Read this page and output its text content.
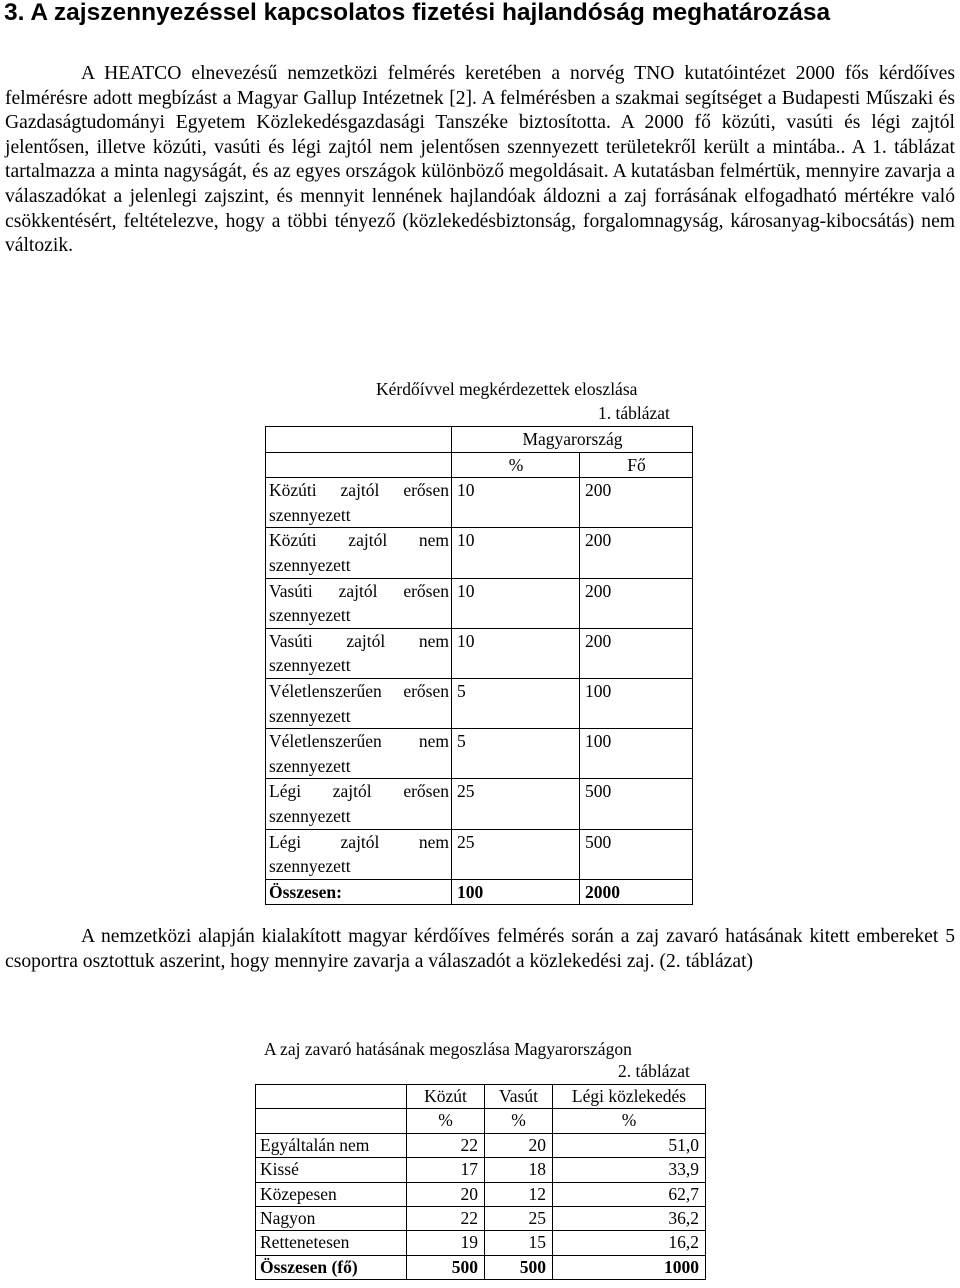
3. A zajszennyezéssel kapcsolatos fizetési hajlandóság meghatározása

A HEATCO elnevezésű nemzetközi felmérés keretében a norvég TNO kutatóintézet 2000 fős kérdőíves felmérésre adott megbízást a Magyar Gallup Intézetnek [2]. A felmérésben a szakmai segítséget a Budapesti Műszaki és Gazdaságtudományi Egyetem Közlekedésgazdasági Tanszéke biztosította. A 2000 fő közúti, vasúti és légi zajtól jelentősen, illetve közúti, vasúti és légi zajtól nem jelentősen szennyezett területekről került a mintába.. A 1. táblázat tartalmazza a minta nagyságát, és az egyes országok különböző megoldásait. A kutatásban felmértük, mennyire zavarja a válaszadókat a jelenlegi zajszint, és mennyit lennének hajlandóak áldozni a zaj forrásának elfogadható mértékre való csökkentésért, feltételezve, hogy a többi tényező (közlekedésbiztonság, forgalomnagyság, károsanyag-kibocsátás) nem változik.

Kérdőívvel megkérdezettek eloszlása
1. táblázat
	Magyarország	
	%	Fő
Közúti zajtól erősen szennyezett	10	200
Közúti zajtól nem szennyezett	10	200
Vasúti zajtól erősen szennyezett	10	200
Vasúti zajtól nem szennyezett	10	200
Véletlenszerűen erősen szennyezett	5	100
Véletlenszerűen nem szennyezett	5	100
Légi zajtól erősen szennyezett	25	500
Légi zajtól nem szennyezett	25	500
Összesen:	100	2000

A nemzetközi alapján kialakított magyar kérdőíves felmérés során a zaj zavaró hatásának kitett embereket 5 csoportra osztottuk aszerint, hogy mennyire zavarja a válaszadót a közlekedési zaj. (2. táblázat)

A zaj zavaró hatásának megoszlása Magyarországon
2. táblázat
	Közút	Vasút	Légi közlekedés
	%	%	%
Egyáltalán nem	22	20	51,0
Kissé	17	18	33,9
Közepesen	20	12	62,7
Nagyon	22	25	36,2
Rettenetesen	19	15	16,2
Összesen (fő)	500	500	1000
